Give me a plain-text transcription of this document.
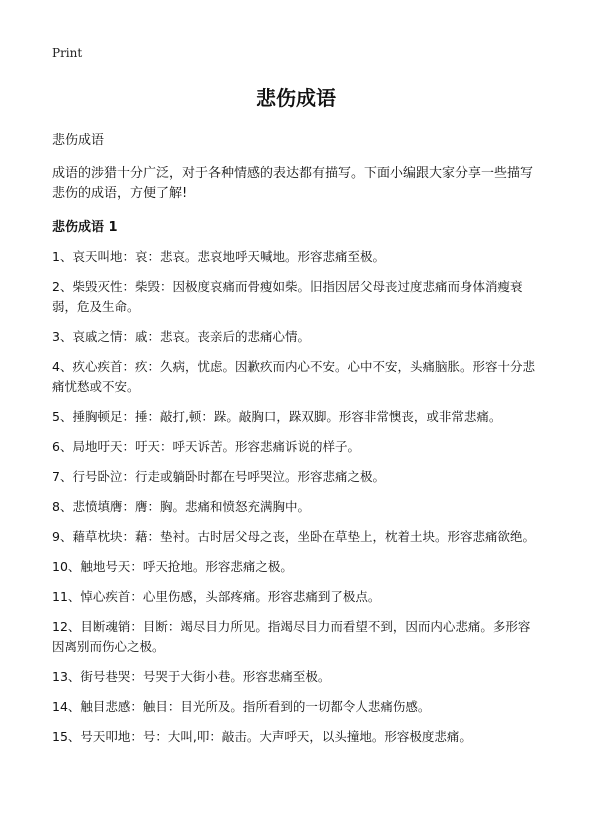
Print
悲伤成语
悲伤成语

成语的涉猎十分广泛，对于各种情感的表达都有描写。下面小编跟大家分享一些描写悲伤的成语，方便了解!

悲伤成语 1
1、哀天叫地：哀：悲哀。悲哀地呼天喊地。形容悲痛至极。
2、柴毁灭性：柴毁：因极度哀痛而骨瘦如柴。旧指因居父母丧过度悲痛而身体消瘦衰弱，危及生命。
3、哀戚之情：戚：悲哀。丧亲后的悲痛心情。
4、疚心疾首：疚：久病，忧虑。因歉疚而内心不安。心中不安，头痛脑胀。形容十分悲痛忧愁或不安。
5、捶胸顿足：捶：敲打,顿：跺。敲胸口，跺双脚。形容非常懊丧，或非常悲痛。
6、局地吁天：吁天：呼天诉苦。形容悲痛诉说的样子。
7、行号卧泣：行走或躺卧时都在号呼哭泣。形容悲痛之极。
8、悲愤填膺：膺：胸。悲痛和愤怒充满胸中。
9、藉草枕块：藉：垫衬。古时居父母之丧，坐卧在草垫上，枕着土块。形容悲痛欲绝。
10、触地号天：呼天抢地。形容悲痛之极。
11、悼心疾首：心里伤感，头部疼痛。形容悲痛到了极点。
12、目断魂销：目断：竭尽目力所见。指竭尽目力而看望不到，因而内心悲痛。多形容因离别而伤心之极。
13、街号巷哭：号哭于大街小巷。形容悲痛至极。
14、触目悲感：触目：目光所及。指所看到的一切都令人悲痛伤感。
15、号天叩地：号：大叫,叩：敲击。大声呼天，以头撞地。形容极度悲痛。
